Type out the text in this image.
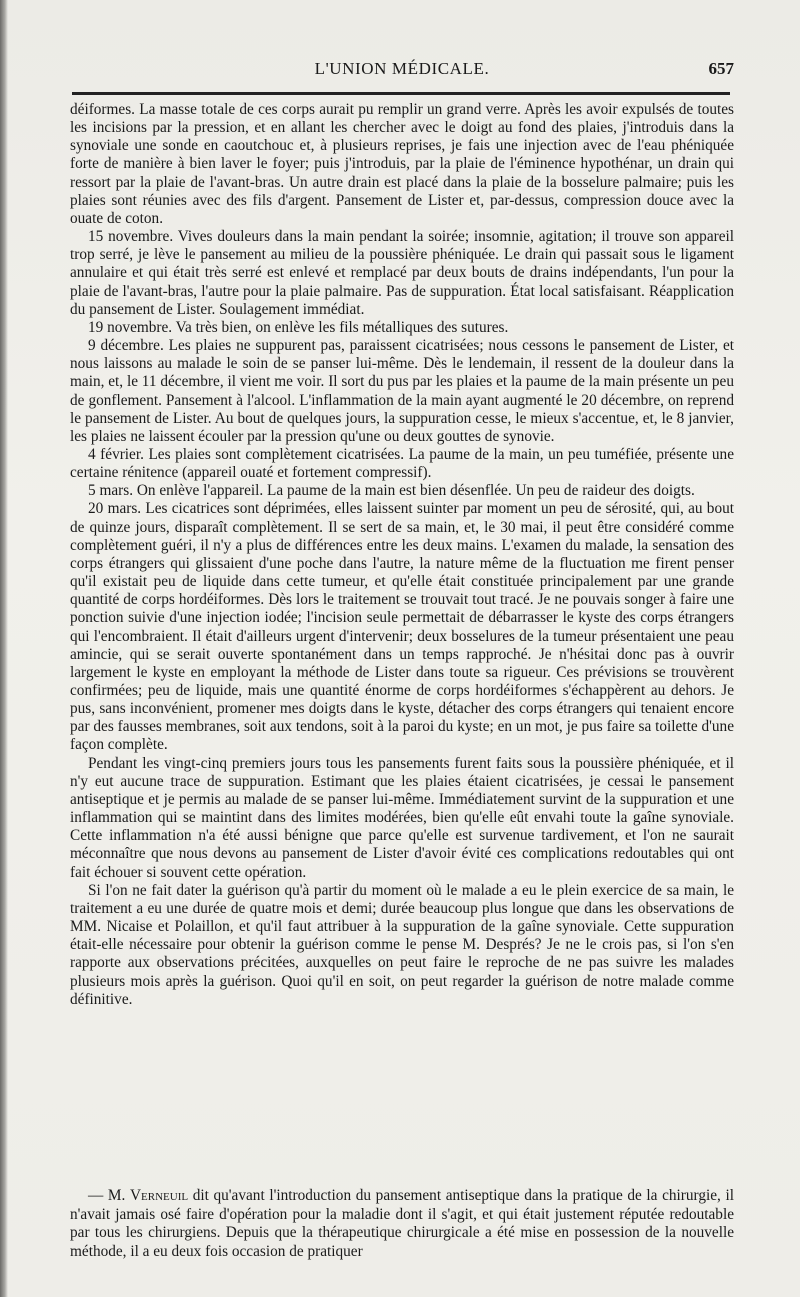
L'UNION MÉDICALE.	657

déiformes. La masse totale de ces corps aurait pu remplir un grand verre. Après les avoir expulsés de toutes les incisions par la pression, et en allant les chercher avec le doigt au fond des plaies, j'introduis dans la synoviale une sonde en caoutchouc et, à plusieurs reprises, je fais une injection avec de l'eau phéniquée forte de manière à bien laver le foyer; puis j'introduis, par la plaie de l'éminence hypothénar, un drain qui ressort par la plaie de l'avant-bras. Un autre drain est placé dans la plaie de la bosselure palmaire; puis les plaies sont réunies avec des fils d'argent. Pansement de Lister et, par-dessus, compression douce avec la ouate de coton.

15 novembre. Vives douleurs dans la main pendant la soirée; insomnie, agitation; il trouve son appareil trop serré, je lève le pansement au milieu de la poussière phéniquée. Le drain qui passait sous le ligament annulaire et qui était très serré est enlevé et remplacé par deux bouts de drains indépendants, l'un pour la plaie de l'avant-bras, l'autre pour la plaie palmaire. Pas de suppuration. État local satisfaisant. Réapplication du pansement de Lister. Soulagement immédiat.

19 novembre. Va très bien, on enlève les fils métalliques des sutures.

9 décembre. Les plaies ne suppurent pas, paraissent cicatrisées; nous cessons le pansement de Lister, et nous laissons au malade le soin de se panser lui-même. Dès le lendemain, il ressent de la douleur dans la main, et, le 11 décembre, il vient me voir. Il sort du pus par les plaies et la paume de la main présente un peu de gonflement. Pansement à l'alcool. L'inflammation de la main ayant augmenté le 20 décembre, on reprend le pansement de Lister. Au bout de quelques jours, la suppuration cesse, le mieux s'accentue, et, le 8 janvier, les plaies ne laissent écouler par la pression qu'une ou deux gouttes de synovie.

4 février. Les plaies sont complètement cicatrisées. La paume de la main, un peu tuméfiée, présente une certaine rénitence (appareil ouaté et fortement compressif).

5 mars. On enlève l'appareil. La paume de la main est bien désenflée. Un peu de raideur des doigts.

20 mars. Les cicatrices sont déprimées, elles laissent suinter par moment un peu de sérosité, qui, au bout de quinze jours, disparaît complètement. Il se sert de sa main, et, le 30 mai, il peut être considéré comme complètement guéri, il n'y a plus de différences entre les deux mains. L'examen du malade, la sensation des corps étrangers qui glissaient d'une poche dans l'autre, la nature même de la fluctuation me firent penser qu'il existait peu de liquide dans cette tumeur, et qu'elle était constituée principalement par une grande quantité de corps hordéiformes. Dès lors le traitement se trouvait tout tracé. Je ne pouvais songer à faire une ponction suivie d'une injection iodée; l'incision seule permettait de débarrasser le kyste des corps étrangers qui l'encombraient. Il était d'ailleurs urgent d'intervenir; deux bosselures de la tumeur présentaient une peau amincie, qui se serait ouverte spontanément dans un temps rapproché. Je n'hésitai donc pas à ouvrir largement le kyste en employant la méthode de Lister dans toute sa rigueur. Ces prévisions se trouvèrent confirmées; peu de liquide, mais une quantité énorme de corps hordéiformes s'échappèrent au dehors. Je pus, sans inconvénient, promener mes doigts dans le kyste, détacher des corps étrangers qui tenaient encore par des fausses membranes, soit aux tendons, soit à la paroi du kyste; en un mot, je pus faire sa toilette d'une façon complète.

Pendant les vingt-cinq premiers jours tous les pansements furent faits sous la poussière phéniquée, et il n'y eut aucune trace de suppuration. Estimant que les plaies étaient cicatrisées, je cessai le pansement antiseptique et je permis au malade de se panser lui-même. Immédiatement survint de la suppuration et une inflammation qui se maintint dans des limites modérées, bien qu'elle eût envahi toute la gaîne synoviale. Cette inflammation n'a été aussi bénigne que parce qu'elle est survenue tardivement, et l'on ne saurait méconnaître que nous devons au pansement de Lister d'avoir évité ces complications redoutables qui ont fait échouer si souvent cette opération.

Si l'on ne fait dater la guérison qu'à partir du moment où le malade a eu le plein exercice de sa main, le traitement a eu une durée de quatre mois et demi; durée beaucoup plus longue que dans les observations de MM. Nicaise et Polaillon, et qu'il faut attribuer à la suppuration de la gaîne synoviale. Cette suppuration était-elle nécessaire pour obtenir la guérison comme le pense M. Després? Je ne le crois pas, si l'on s'en rapporte aux observations précitées, auxquelles on peut faire le reproche de ne pas suivre les malades plusieurs mois après la guérison. Quoi qu'il en soit, on peut regarder la guérison de notre malade comme définitive.

— M. Verneuil dit qu'avant l'introduction du pansement antiseptique dans la pratique de la chirurgie, il n'avait jamais osé faire d'opération pour la maladie dont il s'agit, et qui était justement réputée redoutable par tous les chirurgiens. Depuis que la thérapeutique chirurgicale a été mise en possession de la nouvelle méthode, il a eu deux fois occasion de pratiquer
